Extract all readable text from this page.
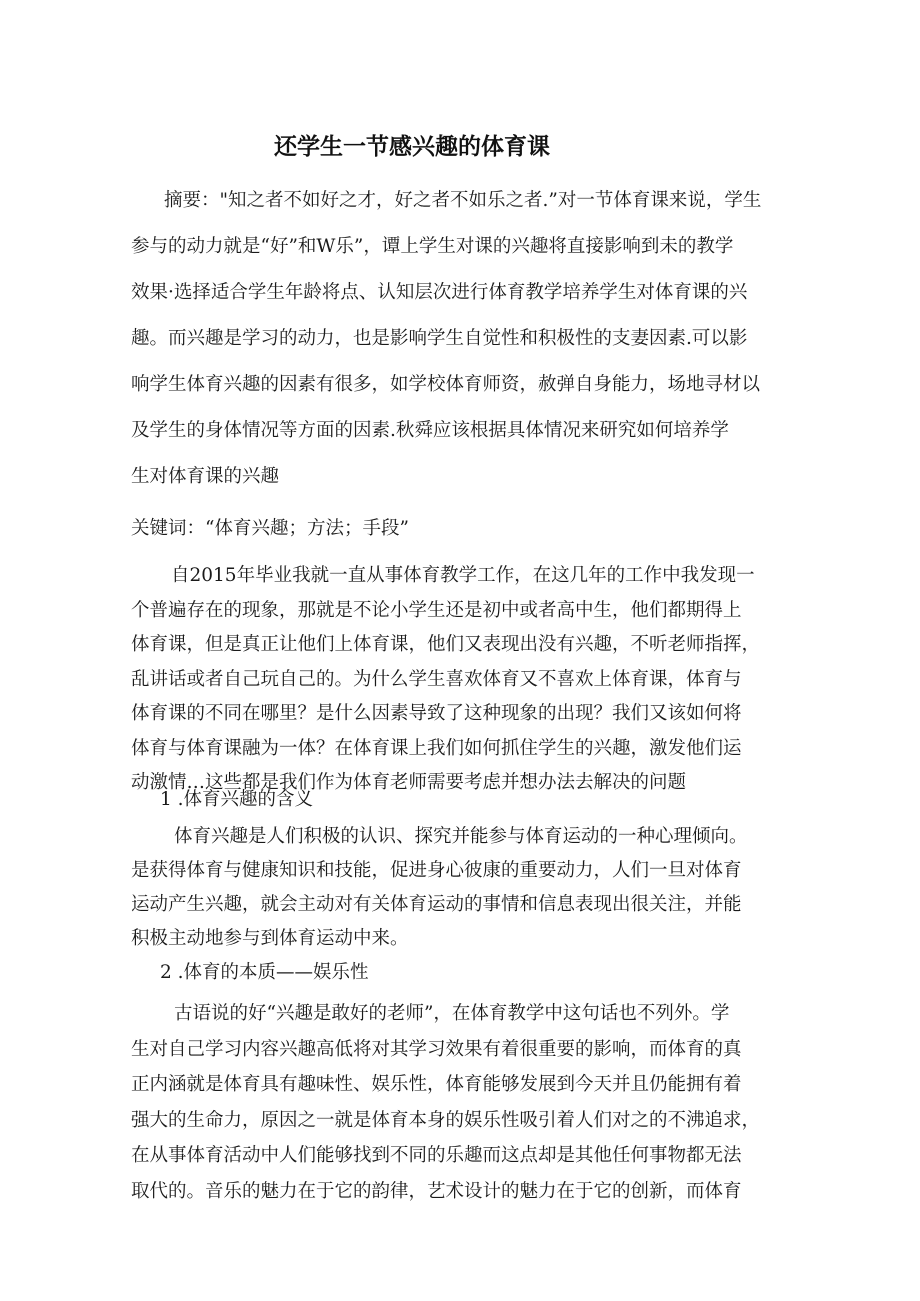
还学生一节感兴趣的体育课
摘要："知之者不如好之才，好之者不如乐之者.”对一节体育课来说，学生
参与的动力就是“好”和W乐”，谭上学生对课的兴趣将直接影响到未的教学
效果·选择适合学生年龄将点、认知层次进行体育教学培养学生对体育课的兴
趣。而兴趣是学习的动力，也是影响学生自觉性和积极性的支妻因素.可以影
响学生体育兴趣的因素有很多，如学校体育师资，赦弹自身能力，场地寻材以
及学生的身体情况等方面的因素.秋舜应该根据具体情况来研究如何培养学
生对体育课的兴趣
关键词：“体育兴趣；方法；手段”
自2015年毕业我就一直从事体育教学工作，在这几年的工作中我发现一
个普遍存在的现象，那就是不论小学生还是初中或者高中生，他们都期得上
体育课，但是真正让他们上体育课，他们又表现出没有兴趣，不听老师指挥，
乱讲话或者自己玩自己的。为什么学生喜欢体育又不喜欢上体育课，体育与
体育课的不同在哪里？是什么因素导致了这种现象的出现？我们又该如何将
体育与体育课融为一体？在体育课上我们如何抓住学生的兴趣，激发他们运
动激情…这些都是我们作为体育老师需要考虑并想办法去解决的问题
1 .体育兴趣的含义
体育兴趣是人们积极的认识、探究并能参与体育运动的一种心理倾向。
是获得体育与健康知识和技能，促进身心彼康的重要动力，人们一旦对体育
运动产生兴趣，就会主动对有关体育运动的事情和信息表现出很关注，并能
积极主动地参与到体育运动中来。
2 .体育的本质——娱乐性
古语说的好“兴趣是敢好的老师”，在体育教学中这句话也不列外。学
生对自己学习内容兴趣高低将对其学习效果有着很重要的影响，而体育的真
正内涵就是体育具有趣味性、娱乐性，体育能够发展到今天并且仍能拥有着
强大的生命力，原因之一就是体育本身的娱乐性吸引着人们对之的不沸追求，
在从事体育活动中人们能够找到不同的乐趣而这点却是其他任何事物都无法
取代的。音乐的魅力在于它的韵律，艺术设计的魅力在于它的创新，而体育
